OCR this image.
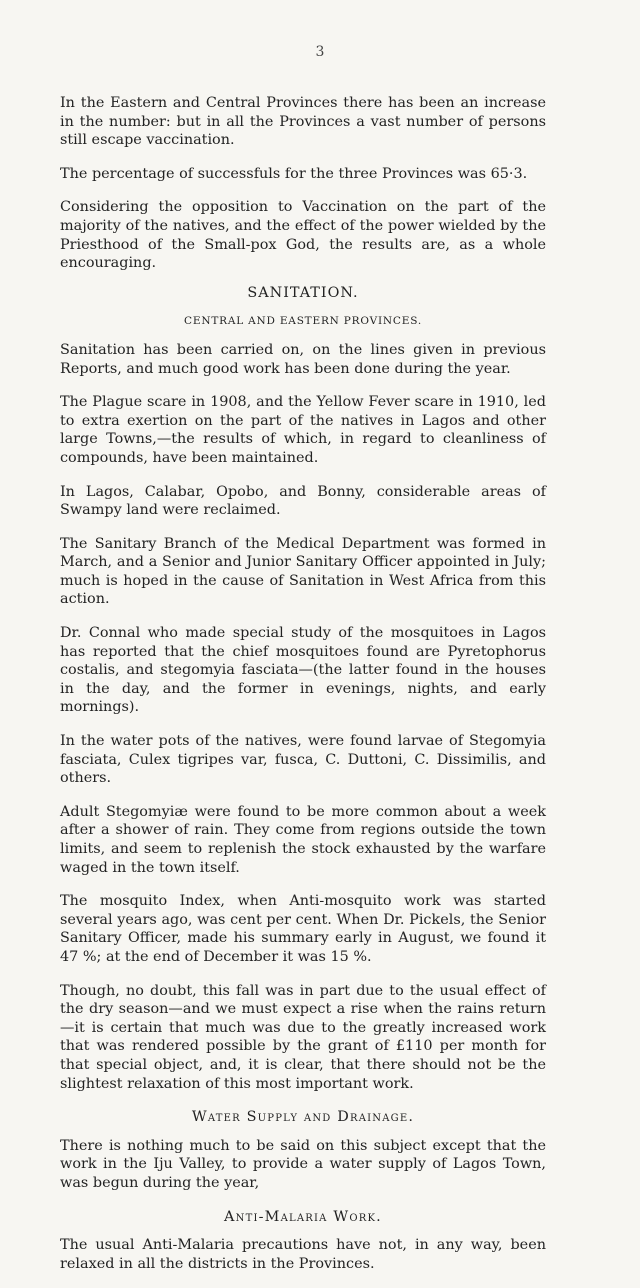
3

In the Eastern and Central Provinces there has been an increase in the number: but in all the Provinces a vast number of persons still escape vaccination.

The percentage of successfuls for the three Provinces was 65·3.

Considering the opposition to Vaccination on the part of the majority of the natives, and the effect of the power wielded by the Priesthood of the Small-pox God, the results are, as a whole encouraging.

SANITATION.
CENTRAL AND EASTERN PROVINCES.

Sanitation has been carried on, on the lines given in previous Reports, and much good work has been done during the year.

The Plague scare in 1908, and the Yellow Fever scare in 1910, led to extra exertion on the part of the natives in Lagos and other large Towns,—the results of which, in regard to cleanliness of compounds, have been maintained.

In Lagos, Calabar, Opobo, and Bonny, considerable areas of Swampy land were reclaimed.

The Sanitary Branch of the Medical Department was formed in March, and a Senior and Junior Sanitary Officer appointed in July; much is hoped in the cause of Sanitation in West Africa from this action.

Dr. Connal who made special study of the mosquitoes in Lagos has reported that the chief mosquitoes found are Pyretophorus costalis, and stegomyia fasciata—(the latter found in the houses in the day, and the former in evenings, nights, and early mornings).

In the water pots of the natives, were found larvae of Stegomyia fasciata, Culex tigripes var, fusca, C. Duttoni, C. Dissimilis, and others.

Adult Stegomyiæ were found to be more common about a week after a shower of rain. They come from regions outside the town limits, and seem to replenish the stock exhausted by the warfare waged in the town itself.

The mosquito Index, when Anti-mosquito work was started several years ago, was cent per cent. When Dr. Pickels, the Senior Sanitary Officer, made his summary early in August, we found it 47 %; at the end of December it was 15 %.

Though, no doubt, this fall was in part due to the usual effect of the dry season—and we must expect a rise when the rains return—it is certain that much was due to the greatly increased work that was rendered possible by the grant of £110 per month for that special object, and, it is clear, that there should not be the slightest relaxation of this most important work.

Water Supply and Drainage.

There is nothing much to be said on this subject except that the work in the Iju Valley, to provide a water supply of Lagos Town, was begun during the year,

Anti-Malaria Work.

The usual Anti-Malaria precautions have not, in any way, been relaxed in all the districts in the Provinces.
